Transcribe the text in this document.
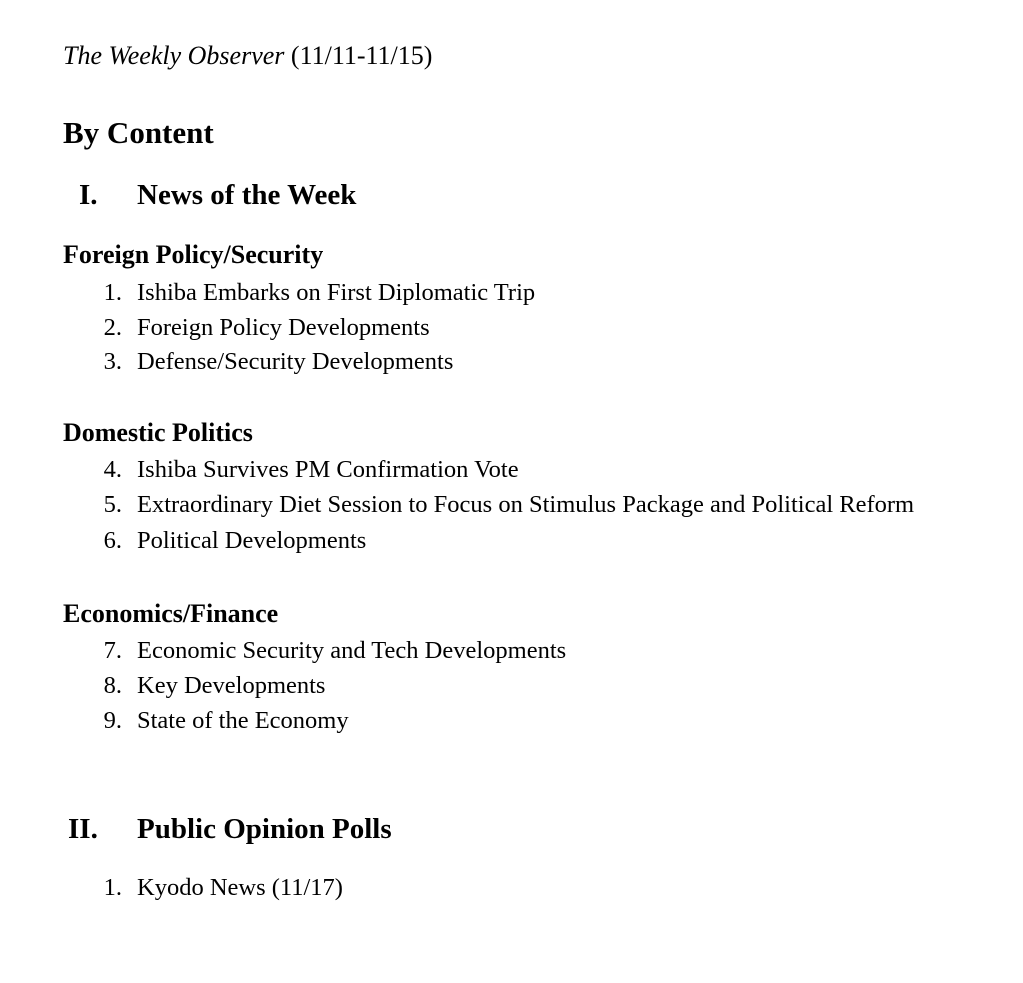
The Weekly Observer (11/11-11/15)
By Content
I. News of the Week
Foreign Policy/Security
1. Ishiba Embarks on First Diplomatic Trip
2. Foreign Policy Developments
3. Defense/Security Developments
Domestic Politics
4. Ishiba Survives PM Confirmation Vote
5. Extraordinary Diet Session to Focus on Stimulus Package and Political Reform
6. Political Developments
Economics/Finance
7. Economic Security and Tech Developments
8. Key Developments
9. State of the Economy
II. Public Opinion Polls
1. Kyodo News (11/17)
